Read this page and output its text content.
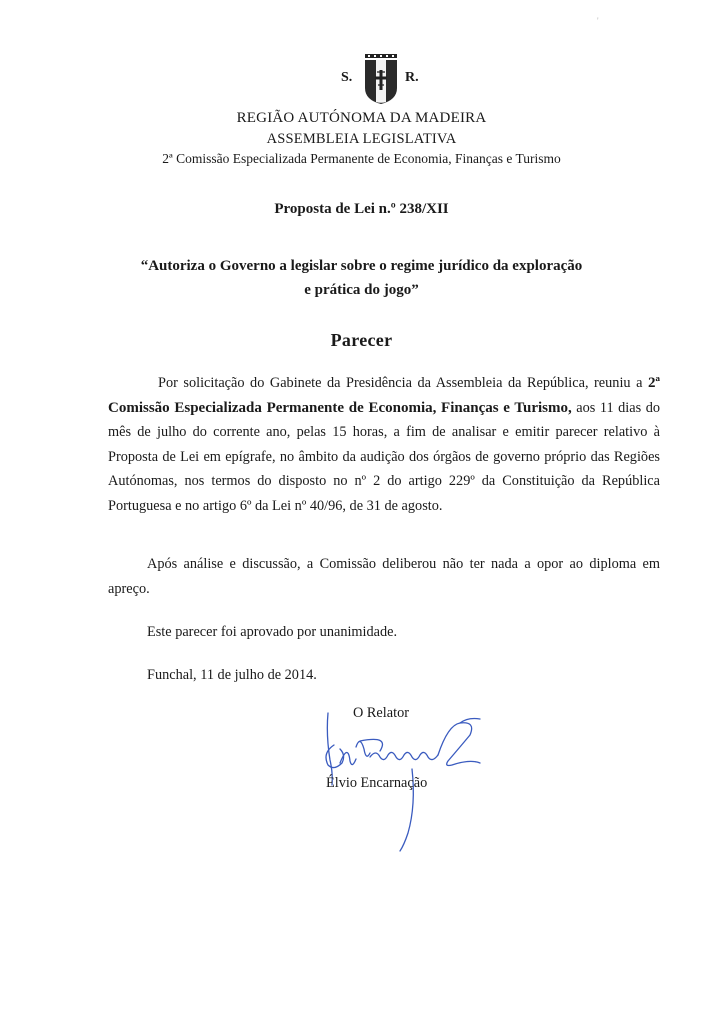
'
S.	R.
REGIÃO AUTÓNOMA DA MADEIRA
ASSEMBLEIA LEGISLATIVA
2ª Comissão Especializada Permanente de Economia, Finanças e Turismo
Proposta de Lei n.º 238/XII
“Autoriza o Governo a legislar sobre o regime jurídico da exploração
e prática do jogo”
Parecer
Por solicitação do Gabinete da Presidência da Assembleia da República, reuniu a 2ª Comissão Especializada Permanente de Economia, Finanças e Turismo, aos 11 dias do mês de julho do corrente ano, pelas 15 horas, a fim de analisar e emitir parecer relativo à Proposta de Lei em epígrafe, no âmbito da audição dos órgãos de governo próprio das Regiões Autónomas, nos termos do disposto no nº 2 do artigo 229º da Constituição da República Portuguesa e no artigo 6º da Lei nº 40/96, de 31 de agosto.
Após análise e discussão, a Comissão deliberou não ter nada a opor ao diploma em apreço.
Este parecer foi aprovado por unanimidade.
Funchal, 11 de julho de 2014.
O Relator
Élvio Encarnação
